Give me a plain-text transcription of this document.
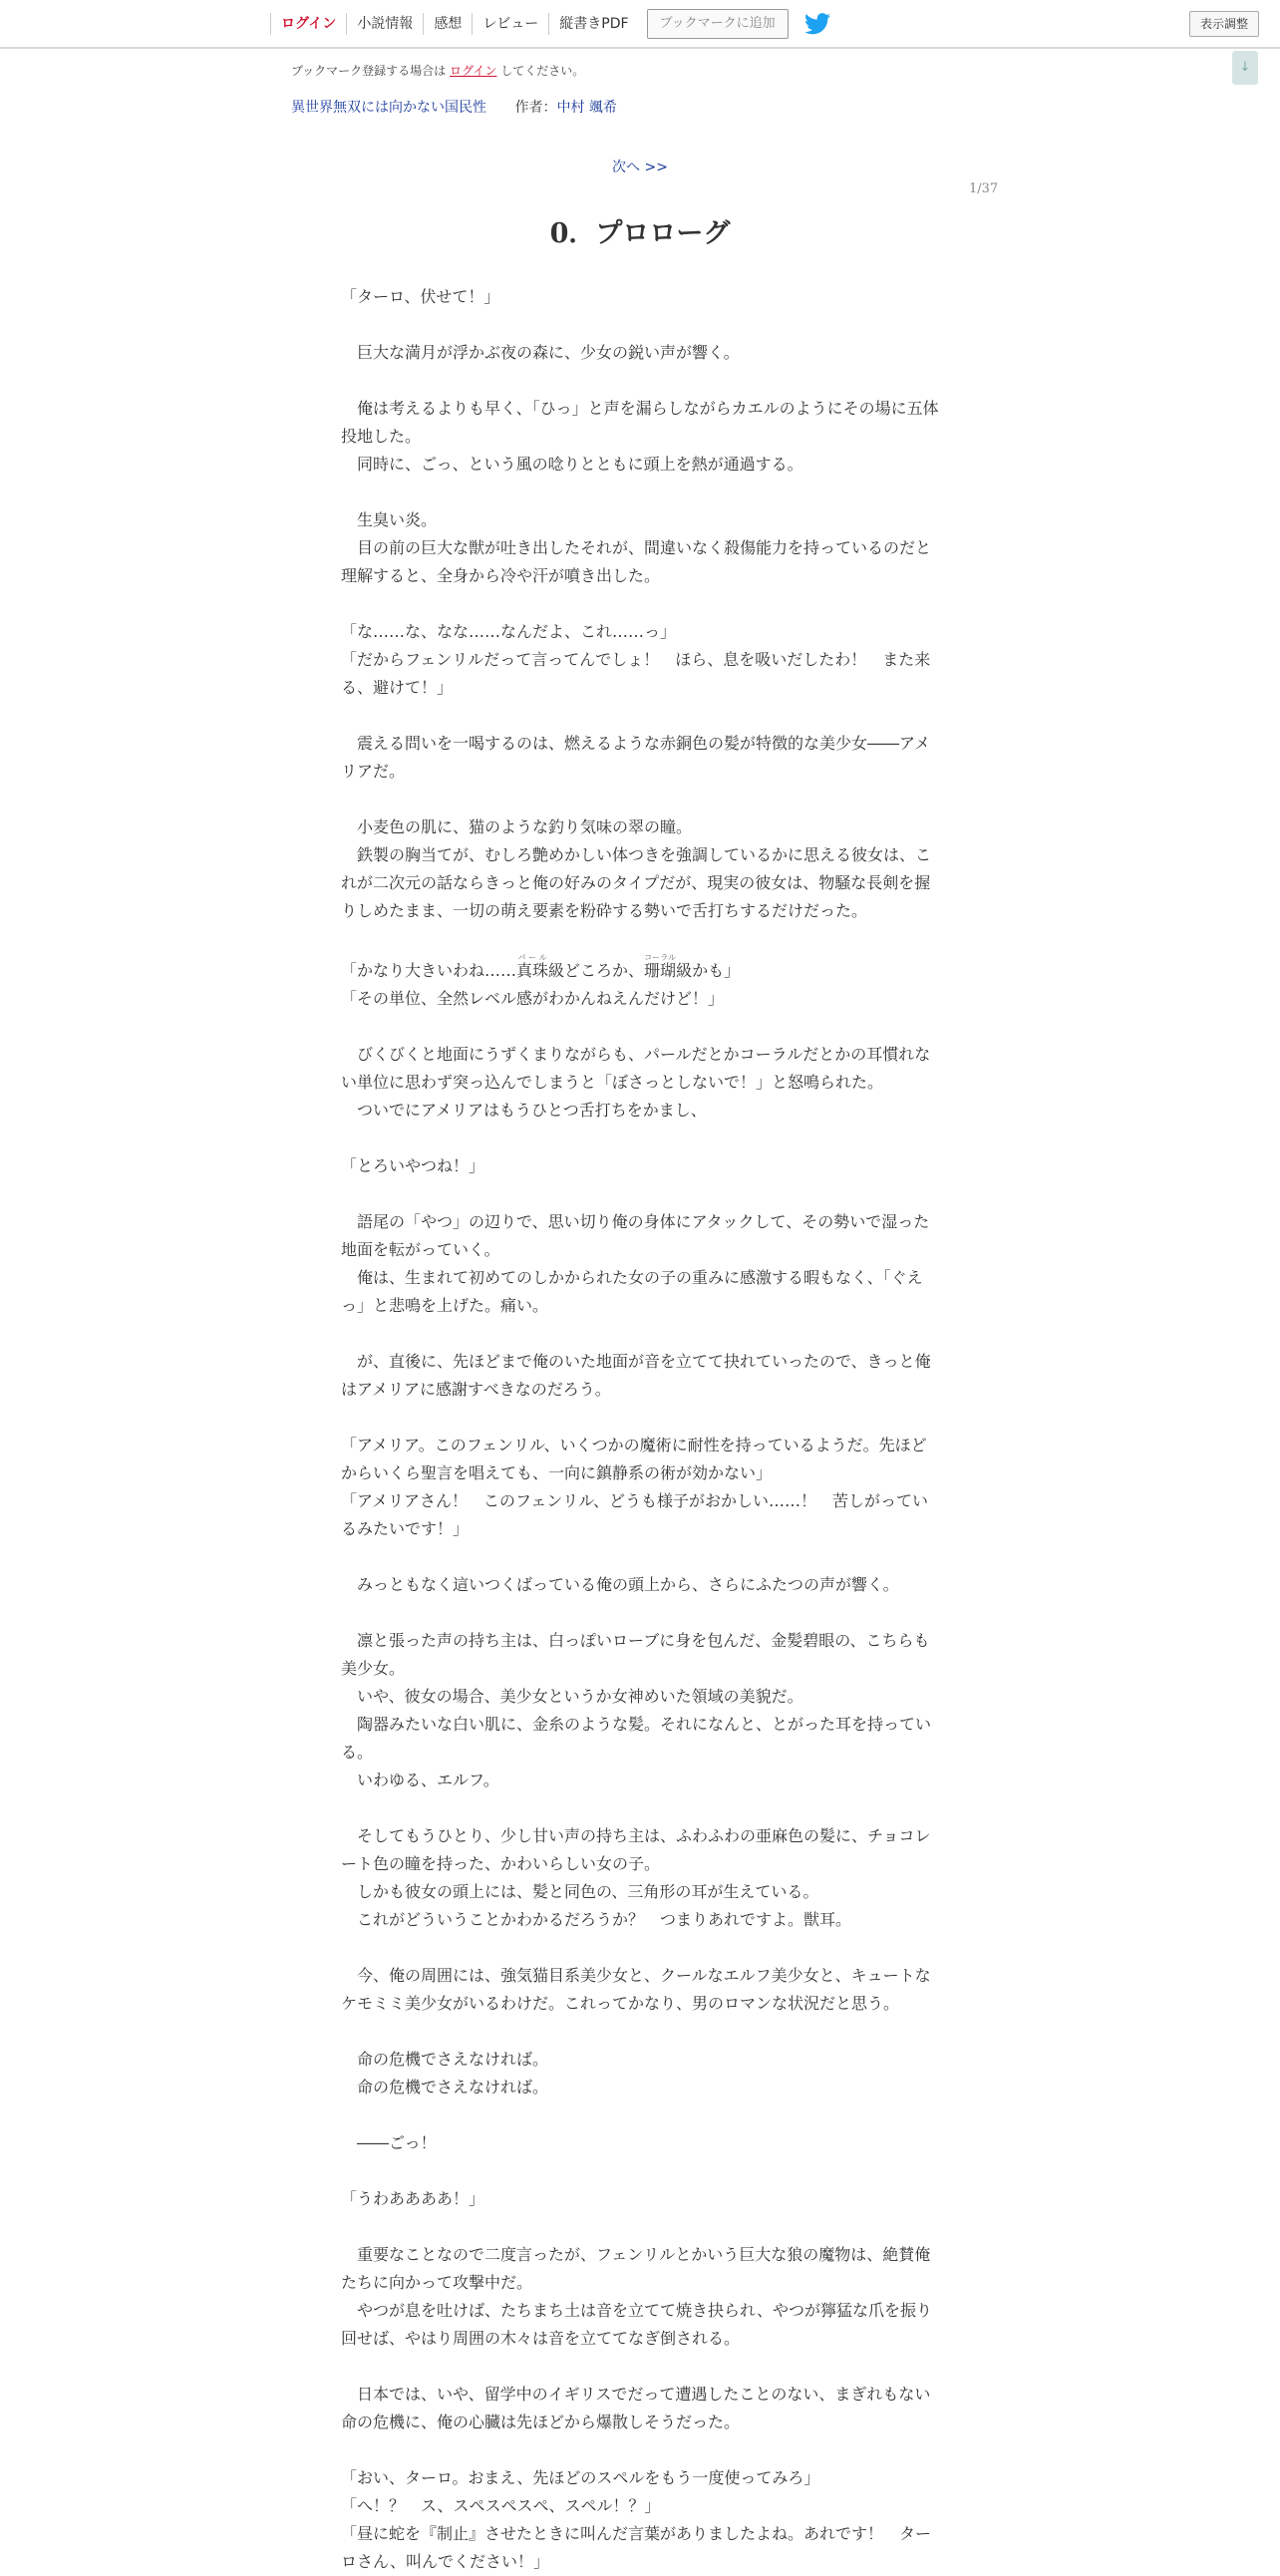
ログイン	小説情報	感想	レビュー	縦書きPDF	ブックマークに追加	表示調整
↓
ブックマーク登録する場合は ログイン してください。
異世界無双には向かない国民性 作者：中村 颯希
次へ >>
1/37
0．プロローグ

「ターロ、伏せて！」

　巨大な満月が浮かぶ夜の森に、少女の鋭い声が響く。

　俺は考えるよりも早く、「ひっ」と声を漏らしながらカエルのようにその場に五体投地した。

　同時に、ごっ、という風の唸りとともに頭上を熱が通過する。

　生臭い炎。

　目の前の巨大な獣が吐き出したそれが、間違いなく殺傷能力を持っているのだと理解すると、全身から冷や汗が噴き出した。

「な……な、なな……なんだよ、これ……っ」

「だからフェンリルだって言ってんでしょ！　ほら、息を吸いだしたわ！　また来る、避けて！」

　震える問いを一喝するのは、燃えるような赤銅色の髪が特徴的な美少女――アメリアだ。

　小麦色の肌に、猫のような釣り気味の翠の瞳。

　鉄製の胸当てが、むしろ艶めかしい体つきを強調しているかに思える彼女は、これが二次元の話ならきっと俺の好みのタイプだが、現実の彼女は、物騒な長剣を握りしめたまま、一切の萌え要素を粉砕する勢いで舌打ちするだけだった。

「かなり大きいわね……真珠パール級どころか、珊瑚コーラル級かも」

「その単位、全然レベル感がわかんねえんだけど！」

　びくびくと地面にうずくまりながらも、パールだとかコーラルだとかの耳慣れない単位に思わず突っ込んでしまうと「ぼさっとしないで！」と怒鳴られた。

　ついでにアメリアはもうひとつ舌打ちをかまし、

「とろいやつね！」

　語尾の「やつ」の辺りで、思い切り俺の身体にアタックして、その勢いで湿った地面を転がっていく。

　俺は、生まれて初めてのしかかられた女の子の重みに感激する暇もなく、「ぐえっ」と悲鳴を上げた。痛い。

　が、直後に、先ほどまで俺のいた地面が音を立てて抉れていったので、きっと俺はアメリアに感謝すべきなのだろう。

「アメリア。このフェンリル、いくつかの魔術に耐性を持っているようだ。先ほどからいくら聖言を唱えても、一向に鎮静系の術が効かない」

「アメリアさん！　このフェンリル、どうも様子がおかしい……！　苦しがっているみたいです！」

　みっともなく這いつくばっている俺の頭上から、さらにふたつの声が響く。

　凛と張った声の持ち主は、白っぽいローブに身を包んだ、金髪碧眼の、こちらも美少女。

　いや、彼女の場合、美少女というか女神めいた領域の美貌だ。

　陶器みたいな白い肌に、金糸のような髪。それになんと、とがった耳を持っている。

　いわゆる、エルフ。

　そしてもうひとり、少し甘い声の持ち主は、ふわふわの亜麻色の髪に、チョコレート色の瞳を持った、かわいらしい女の子。

　しかも彼女の頭上には、髪と同色の、三角形の耳が生えている。

　これがどういうことかわかるだろうか？　つまりあれですよ。獣耳。

　今、俺の周囲には、強気猫目系美少女と、クールなエルフ美少女と、キュートなケモミミ美少女がいるわけだ。これってかなり、男のロマンな状況だと思う。

　命の危機でさえなければ。

　命の危機でさえなければ。

　――ごっ！

「うわああああ！」

　重要なことなので二度言ったが、フェンリルとかいう巨大な狼の魔物は、絶賛俺たちに向かって攻撃中だ。

　やつが息を吐けば、たちまち土は音を立てて焼き抉られ、やつが獰猛な爪を振り回せば、やはり周囲の木々は音を立ててなぎ倒される。

　日本では、いや、留学中のイギリスでだって遭遇したことのない、まぎれもない命の危機に、俺の心臓は先ほどから爆散しそうだった。

「おい、ターロ。おまえ、先ほどのスペルをもう一度使ってみろ」

「へ！？　ス、スペスペスペ、スペル！？」

「昼に蛇を『制止』させたときに叫んだ言葉がありましたよね。あれです！　ターロさん、叫んでください！」
